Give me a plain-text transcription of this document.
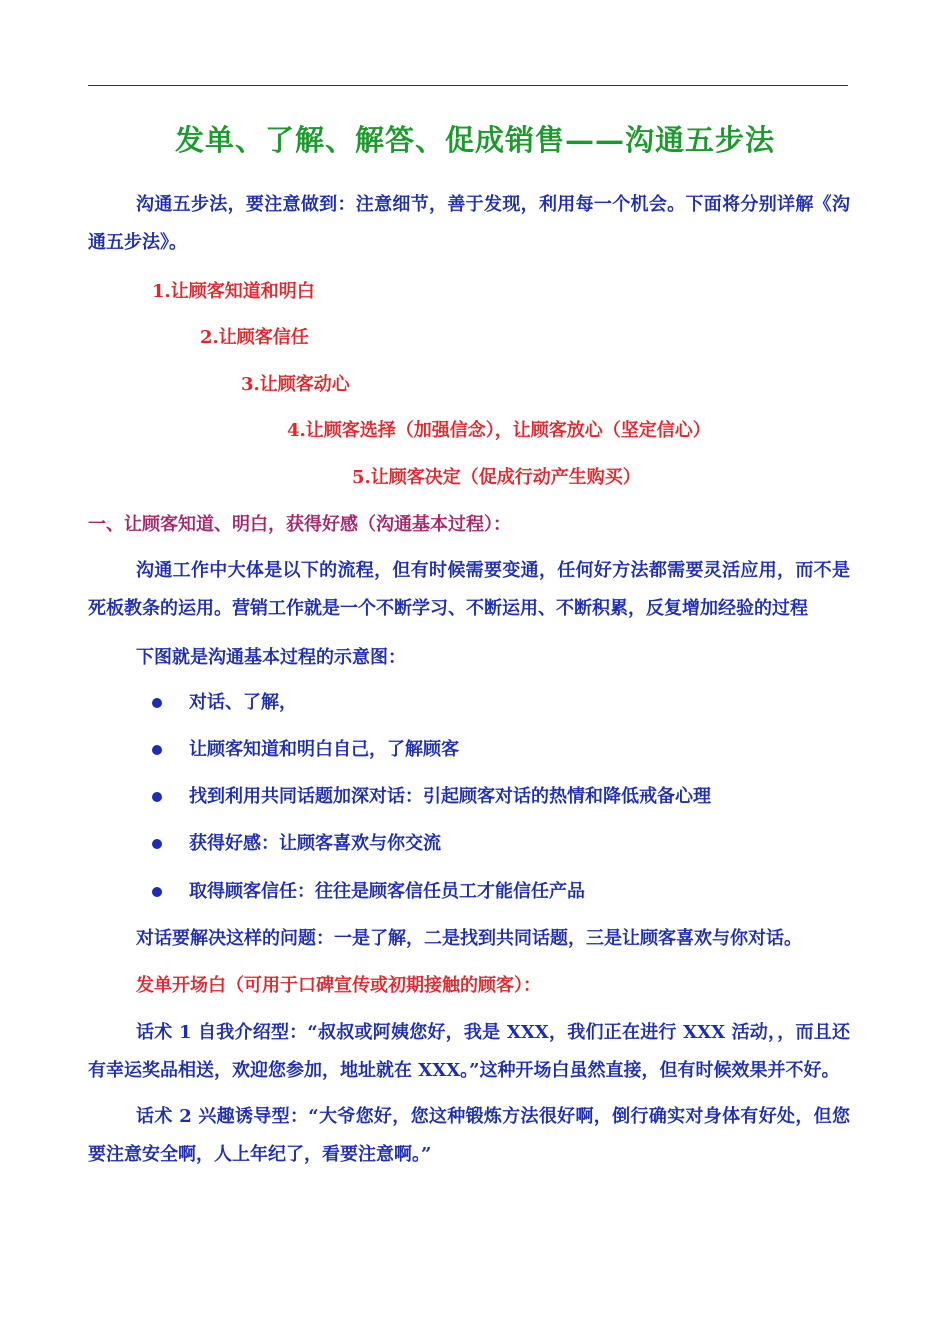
发单、了解、解答、促成销售——沟通五步法
沟通五步法，要注意做到：注意细节，善于发现，利用每一个机会。下面将分别详解《沟通五步法》。
1.让顾客知道和明白
2.让顾客信任
3.让顾客动心
4.让顾客选择（加强信念），让顾客放心（坚定信心）
5.让顾客决定（促成行动产生购买）
一、让顾客知道、明白，获得好感（沟通基本过程）：
沟通工作中大体是以下的流程，但有时候需要变通，任何好方法都需要灵活应用，而不是死板教条的运用。营销工作就是一个不断学习、不断运用、不断积累，反复增加经验的过程
下图就是沟通基本过程的示意图：
对话、了解，
让顾客知道和明白自己，了解顾客
找到利用共同话题加深对话：引起顾客对话的热情和降低戒备心理
获得好感：让顾客喜欢与你交流
取得顾客信任：往往是顾客信任员工才能信任产品
对话要解决这样的问题：一是了解，二是找到共同话题，三是让顾客喜欢与你对话。
发单开场白（可用于口碑宣传或初期接触的顾客）：
话术 1 自我介绍型：“叔叔或阿姨您好，我是 XXX，我们正在进行 XXX 活动，，而且还有幸运奖品相送，欢迎您参加，地址就在 XXX。”这种开场白虽然直接，但有时候效果并不好。
话术 2 兴趣诱导型：“大爷您好，您这种锻炼方法很好啊，倒行确实对身体有好处，但您要注意安全啊，人上年纪了，看要注意啊。”
